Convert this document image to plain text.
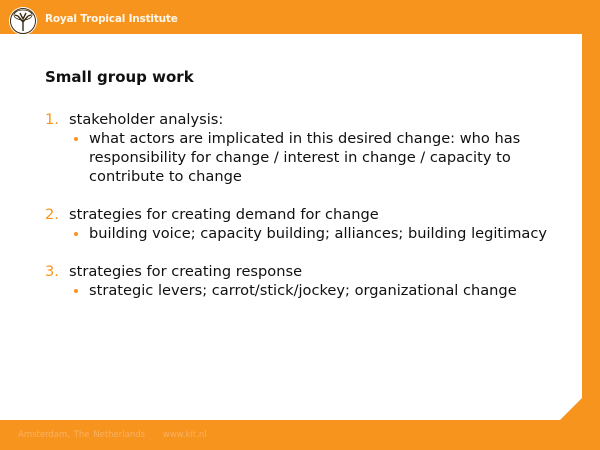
Royal Tropical Institute
Small group work
1. stakeholder analysis:
what actors are implicated in this desired change: who has responsibility for change / interest in change / capacity to contribute to change
2. strategies for creating demand for change
building voice; capacity building; alliances; building legitimacy
3. strategies for creating response
strategic levers; carrot/stick/jockey; organizational change
Amsterdam, The Netherlands www.kit.nl
